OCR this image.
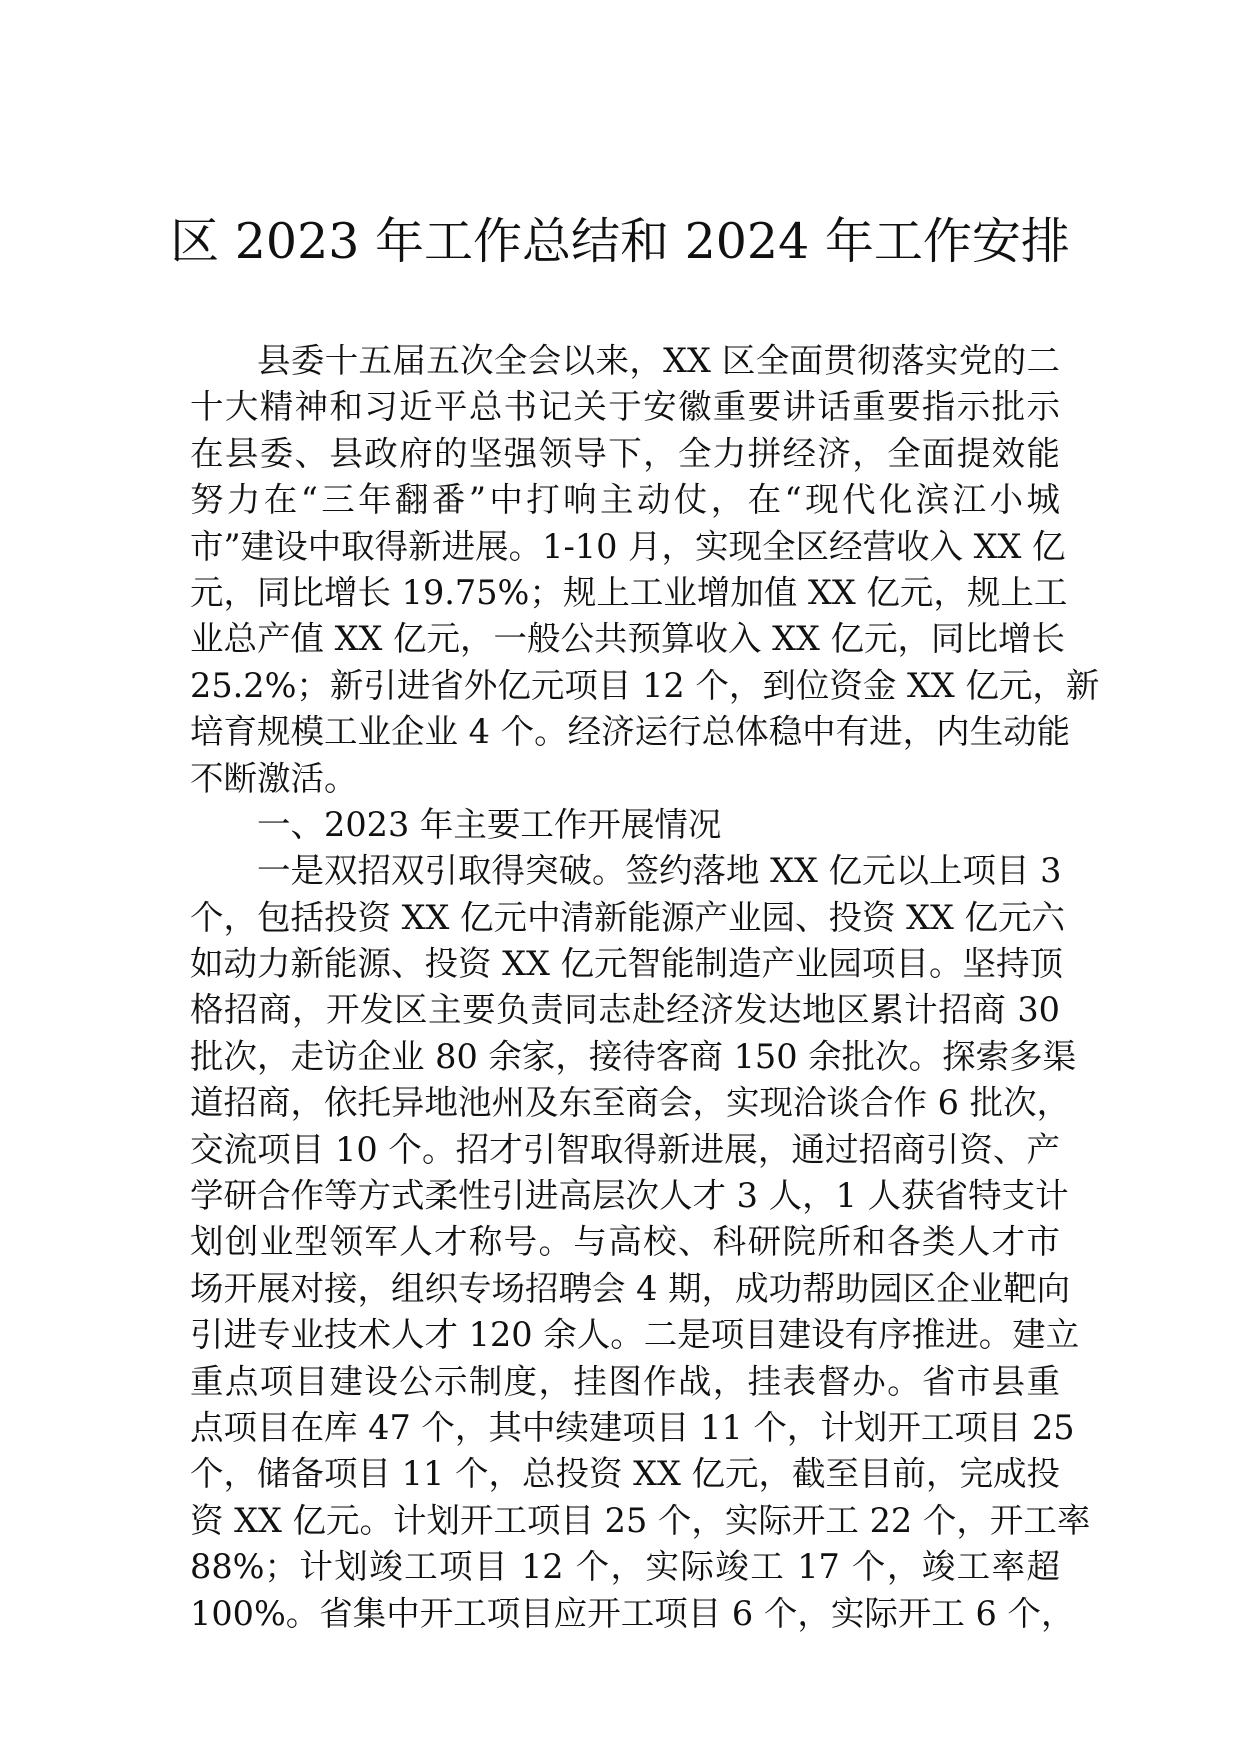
区 2023 年工作总结和 2024 年工作安排
县委十五届五次全会以来，XX 区全面贯彻落实党的二
十大精神和习近平总书记关于安徽重要讲话重要指示批示
在县委、县政府的坚强领导下，全力拼经济，全面提效能
努力在“三年翻番”中打响主动仗，在“现代化滨江小城
市”建设中取得新进展。1-10 月，实现全区经营收入 XX 亿
元，同比增长 19.75%；规上工业增加值 XX 亿元，规上工
业总产值 XX 亿元，一般公共预算收入 XX 亿元，同比增长
25.2%；新引进省外亿元项目 12 个，到位资金 XX 亿元，新
培育规模工业企业 4 个。经济运行总体稳中有进，内生动能
不断激活。
一、2023 年主要工作开展情况
一是双招双引取得突破。签约落地 XX 亿元以上项目 3
个，包括投资 XX 亿元中清新能源产业园、投资 XX 亿元六
如动力新能源、投资 XX 亿元智能制造产业园项目。坚持顶
格招商，开发区主要负责同志赴经济发达地区累计招商 30
批次，走访企业 80 余家，接待客商 150 余批次。探索多渠
道招商，依托异地池州及东至商会，实现洽谈合作 6 批次，
交流项目 10 个。招才引智取得新进展，通过招商引资、产
学研合作等方式柔性引进高层次人才 3 人，1 人获省特支计
划创业型领军人才称号。与高校、科研院所和各类人才市
场开展对接，组织专场招聘会 4 期，成功帮助园区企业靶向
引进专业技术人才 120 余人。二是项目建设有序推进。建立
重点项目建设公示制度，挂图作战，挂表督办。省市县重
点项目在库 47 个，其中续建项目 11 个，计划开工项目 25
个，储备项目 11 个，总投资 XX 亿元，截至目前，完成投
资 XX 亿元。计划开工项目 25 个，实际开工 22 个，开工率
88%；计划竣工项目 12 个，实际竣工 17 个，竣工率超
100%。省集中开工项目应开工项目 6 个，实际开工 6 个，
